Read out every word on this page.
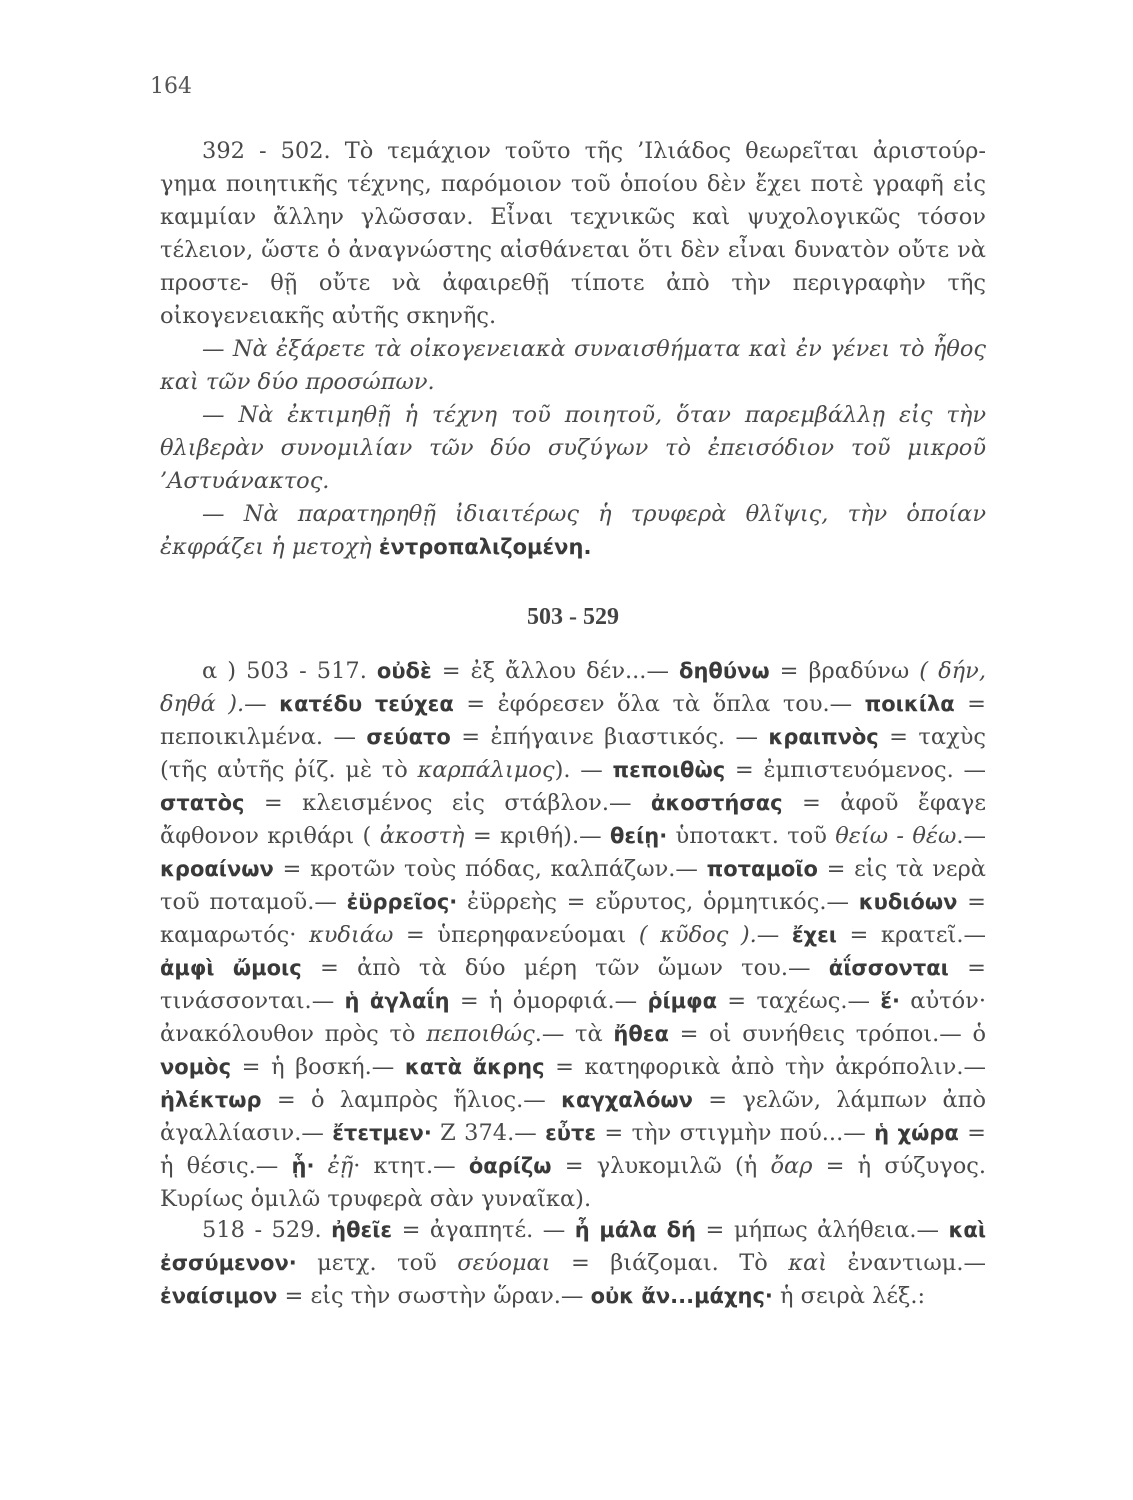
164
392 - 502. Τὸ τεμάχιον τοῦτο τῆς ’Ιλιάδος θεωρεῖται ἀριστούρ- γημα ποιητικῆς τέχνης, παρόμοιον τοῦ ὁποίου δὲν ἔχει ποτὲ γραφῆ εἰς καμμίαν ἄλλην γλῶσσαν. Εἶναι τεχνικῶς καὶ ψυχολογικῶς τόσον τέλειον, ὥστε ὁ ἀναγνώστης αἰσθάνεται ὅτι δὲν εἶναι δυνατὸν οὔτε νὰ προστε- θῇ οὔτε νὰ ἀφαιρεθῇ τίποτε ἀπὸ τὴν περιγραφὴν τῆς οἰκογενειακῆς αὐτῆς σκηνῆς.
— Νὰ ἐξάρετε τὰ οἰκογενειακὰ συναισθήματα καὶ ἐν γένει τὸ ἦθος καὶ τῶν δύο προσώπων.
— Νὰ ἐκτιμηθῇ ἡ τέχνη τοῦ ποιητοῦ, ὅταν παρεμβάλλῃ εἰς τὴν θλιβερὰν συνομιλίαν τῶν δύο συζύγων τὸ ἐπεισόδιον τοῦ μικροῦ ’Αστυάνακτος.
— Νὰ παρατηρηθῇ ἰδιαιτέρως ἡ τρυφερὰ θλῖψις, τὴν ὁποίαν ἐκφράζει ἡ μετοχὴ ἐντροπαλιζομένη.
503 - 529
α ) 503 - 517. οὐδὲ = ἐξ ἄλλου δέν...— δηθύνω = βραδύνω ( δήν, δηθά ).— κατέδυ τεύχεα = ἐφόρεσεν ὅλα τὰ ὅπλα του.— ποικίλα = πεποικιλμένα. — σεύατο = ἐπήγαινε βιαστικός. — κραιπνὸς = ταχὺς (τῆς αὐτῆς ῥίζ. μὲ τὸ καρπάλιμος). — πεποιθὼς = ἐμπιστευόμενος. — στατὸς = κλεισμένος εἰς στάβλον.— ἀκοστήσας = ἀφοῦ ἔφαγε ἄφθονον κριθάρι ( ἀκοστὴ = κριθή).— θείῃ· ὑποτακτ. τοῦ θείω - θέω.— κροαίνων = κροτῶν τοὺς πόδας, καλπάζων.— ποταμοῖο = εἰς τὰ νερὰ τοῦ ποταμοῦ.— ἐϋρρεῖος· ἐϋρρεὴς = εὔρυτος, ὁρμητικός.— κυδιόων = καμαρωτός· κυδιάω = ὑπερηφανεύομαι ( κῦδος ).— ἔχει = κρατεῖ.— ἀμφὶ ὤμοις = ἀπὸ τὰ δύο μέρη τῶν ὤμων του.— ἀΐσσονται = τινάσσονται.— ἡ ἀγλαΐη = ἡ ὀμορφιά.— ῥίμφα = ταχέως.— ἕ· αὐτόν· ἀνακόλουθον πρὸς τὸ πεποιθώς.— τὰ ἤθεα = οἱ συνήθεις τρόποι.— ὁ νομὸς = ἡ βοσκή.— κατὰ ἄκρης = κατηφορικὰ ἀπὸ τὴν ἀκρόπολιν.— ἠλέκτωρ = ὁ λαμπρὸς ἥλιος.— καγχαλόων = γελῶν, λάμπων ἀπὸ ἀγαλλίασιν.— ἔτετμεν· Ζ 374.— εὖτε = τὴν στιγμὴν πού...— ἡ χώρα = ἡ θέσις.— ᾗ· ἐῇ· κτητ.— ὀαρίζω = γλυκομιλῶ (ἡ ὄαρ = ἡ σύζυγος. Κυρίως ὁμιλῶ τρυφερὰ σὰν γυναῖκα).
518 - 529. ἠθεῖε = ἀγαπητέ. — ἦ μάλα δή = μήπως ἀλήθεια.— καὶ ἐσσύμενον· μετχ. τοῦ σεύομαι = βιάζομαι. Τὸ καὶ ἐναντιωμ.— ἐναίσιμον = εἰς τὴν σωστὴν ὥραν.— οὐκ ἄν...μάχης· ἡ σειρὰ λέξ.:
